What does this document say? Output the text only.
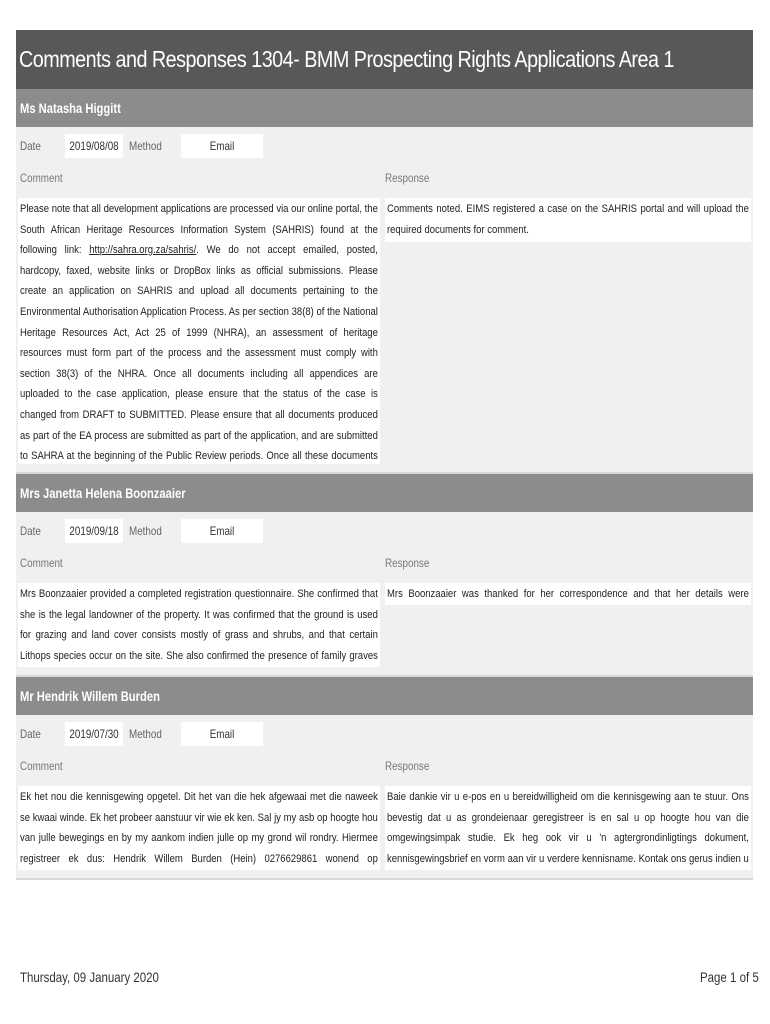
Comments and Responses 1304- BMM Prospecting Rights Applications Area 1
Ms Natasha Higgitt
Date 2019/08/08 Method	Email
Comment	Response

Please note that all development applications are processed via our online portal, the South African Heritage Resources Information System (SAHRIS) found at the following link: http://sahra.org.za/sahris/. We do not accept emailed, posted, hardcopy, faxed, website links or DropBox links as official submissions. Please create an application on SAHRIS and upload all documents pertaining to the Environmental Authorisation Application Process. As per section 38(8) of the National Heritage Resources Act, Act 25 of 1999 (NHRA), an assessment of heritage resources must form part of the process and the assessment must comply with section 38(3) of the NHRA. Once all documents including all appendices are uploaded to the case application, please ensure that the status of the case is changed from DRAFT to SUBMITTED. Please ensure that all documents produced as part of the EA process are submitted as part of the application, and are submitted to SAHRA at the beginning of the Public Review periods. Once all these documents

Comments noted. EIMS registered a case on the SAHRIS portal and will upload the required documents for comment.

Mrs Janetta Helena Boonzaaier
Date 2019/09/18 Method	Email
Comment	Response

Mrs Boonzaaier provided a completed registration questionnaire. She confirmed that she is the legal landowner of the property. It was confirmed that the ground is used for grazing and land cover consists mostly of grass and shrubs, and that certain Lithops species occur on the site. She also confirmed the presence of family graves

Mrs Boonzaaier was thanked for her correspondence and that her details were

Mr Hendrik Willem Burden
Date 2019/07/30 Method	Email
Comment	Response

Ek het nou die kennisgewing opgetel. Dit het van die hek afgewaai met die naweek se kwaai winde. Ek het probeer aanstuur vir wie ek ken. Sal jy my asb op hoogte hou van julle bewegings en by my aankom indien julle op my grond wil rondry. Hiermee registreer ek dus: Hendrik Willem Burden (Hein) 0276629861 wonend op

Baie dankie vir u e-pos en u bereidwilligheid om die kennisgewing aan te stuur. Ons bevestig dat u as grondeienaar geregistreer is en sal u op hoogte hou van die omgewingsimpak studie. Ek heg ook vir u 'n agtergrondinligtings dokument, kennisgewingsbrief en vorm aan vir u verdere kennisname. Kontak ons gerus indien u

Thursday, 09 January 2020	Page 1 of 5
